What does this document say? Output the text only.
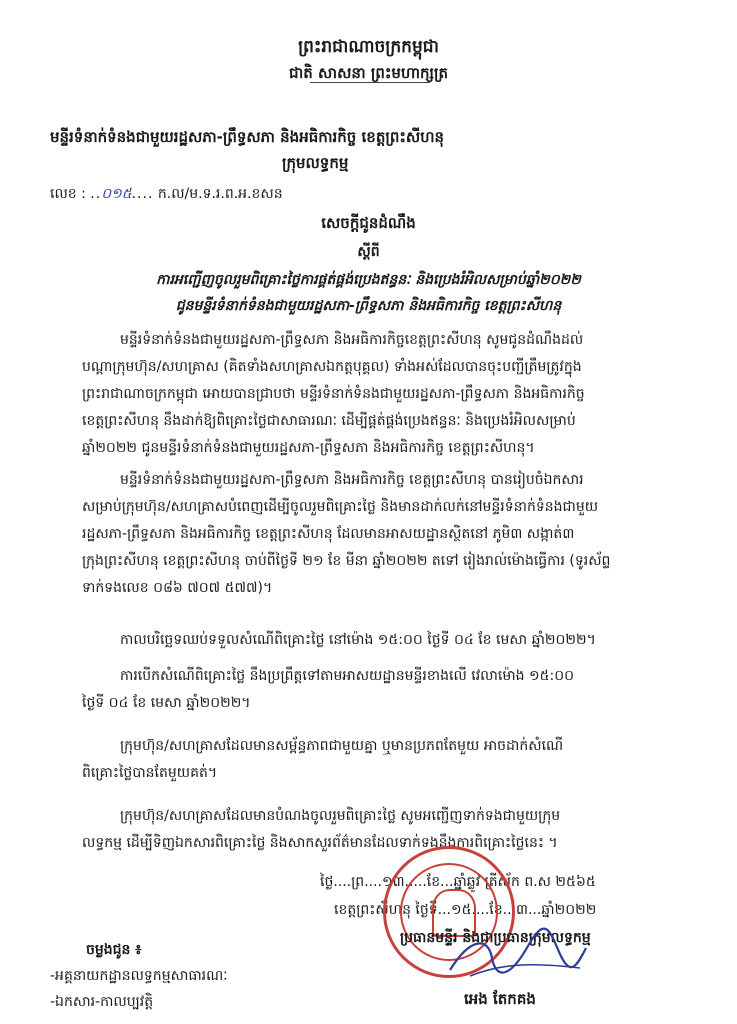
ព្រះរាជាណាចក្រកម្ពុជា
ជាតិ សាសនា ព្រះមហាក្សត្រ
មន្ទីរទំនាក់ទំនងជាមួយរដ្ឋសភា-ព្រឹទ្ធសភា និងអធិការកិច្ច ខេត្តព្រះសីហនុ
ក្រុមលទ្ធកម្ម
លេខ : ..០១៥.... ក.ល/ម.ទ.រ.ព.អ.ខសន
សេចក្តីជូនដំណឹង
ស្តីពី
ការអញ្ជើញចូលរួមពិគ្រោះថ្លៃការផ្គត់ផ្គង់ប្រេងឥន្ធនៈ និងប្រេងរំអិលសម្រាប់ឆ្នាំ២០២២
ជូនមន្ទីរទំនាក់ទំនងជាមួយរដ្ឋសភា-ព្រឹទ្ធសភា និងអធិការកិច្ច ខេត្តព្រះសីហនុ
មន្ទីរទំនាក់ទំនងជាមួយរដ្ឋសភា-ព្រឹទ្ធសភា និងអធិការកិច្ចខេត្តព្រះសីហនុ សូមជូនដំណឹងដល់
បណ្តាក្រុមហ៊ុន/សហគ្រាស (គិតទាំងសហគ្រាសឯកត្តបុគ្គល) ទាំងអស់ដែលបានចុះបញ្ជីត្រឹមត្រូវក្នុង
ព្រះរាជាណាចក្រកម្ពុជា អោយបានជ្រាបថា មន្ទីរទំនាក់ទំនងជាមួយរដ្ឋសភា-ព្រឹទ្ធសភា និងអធិការកិច្ច
ខេត្តព្រះសីហនុ នឹងដាក់ឱ្យពិគ្រោះថ្លៃជាសាធារណៈ ដើម្បីផ្គត់ផ្គង់ប្រេងឥន្ធនៈ និងប្រេងរំអិលសម្រាប់
ឆ្នាំ២០២២ ជូនមន្ទីរទំនាក់ទំនងជាមួយរដ្ឋសភា-ព្រឹទ្ធសភា និងអធិការកិច្ច ខេត្តព្រះសីហនុ។
មន្ទីរទំនាក់ទំនងជាមួយរដ្ឋសភា-ព្រឹទ្ធសភា និងអធិការកិច្ច ខេត្តព្រះសីហនុ បានរៀបចំឯកសារ
សម្រាប់ក្រុមហ៊ុន/សហគ្រាសបំពេញដើម្បីចូលរួមពិគ្រោះថ្លៃ និងមានដាក់លក់នៅមន្ទីរទំនាក់ទំនងជាមួយ
រដ្ឋសភា-ព្រឹទ្ធសភា និងអធិការកិច្ច ខេត្តព្រះសីហនុ ដែលមានអាសយដ្ឋានស្ថិតនៅ ភូមិ៣ សង្កាត់៣
ក្រុងព្រះសីហនុ ខេត្តព្រះសីហនុ ចាប់ពីថ្ងៃទី ២១ ខែ មីនា ឆ្នាំ២០២២ តទៅ រៀងរាល់ម៉ោងធ្វើការ (ទូរស័ព្ទ
ទាក់ទងលេខ ០៨៦ ៧០៧ ៥៧៧)។
កាលបរិច្ឆេទឈប់ទទួលសំណើពិគ្រោះថ្លៃ នៅម៉ោង ១៥:០០ ថ្ងៃទី ០៤ ខែ មេសា ឆ្នាំ២០២២។
ការបើកសំណើពិគ្រោះថ្លៃ នឹងប្រព្រឹត្តទៅតាមអាសយដ្ឋានមន្ទីរខាងលើ វេលាម៉ោង ១៥:០០
ថ្ងៃទី ០៤ ខែ មេសា ឆ្នាំ២០២២។
ក្រុមហ៊ុន/សហគ្រាសដែលមានសម្ព័ន្ធភាពជាមួយគ្នា ឬមានប្រភពតែមួយ អាចដាក់សំណើ
ពិគ្រោះថ្លៃបានតែមួយគត់។
ក្រុមហ៊ុន/សហគ្រាសដែលមានបំណងចូលរួមពិគ្រោះថ្លៃ សូមអញ្ជើញទាក់ទងជាមួយក្រុម
លទ្ធកម្ម ដើម្បីទិញឯកសារពិគ្រោះថ្លៃ និងសាកសួរព័ត៌មានដែលទាក់ទងនឹងការពិគ្រោះថ្លៃនេះ ។
ថ្ងៃ....ព្រ....១៣.....ខែ...ឆ្នាំឆ្លូវ ត្រីស័ក ព.ស ២៥៦៥
ខេត្តព្រះសីហនុ ថ្ងៃទី...១៥....ខែ...៣...ឆ្នាំ២០២២
ប្រធានមន្ទីរ និងជាប្រធានក្រុមលទ្ធកម្ម
អេង តែកគង
ចម្លងជូន ៖
-អគ្គនាយកដ្ឋានលទ្ធកម្មសាធារណៈ
-ឯកសារ-កាលប្បវត្តិ
